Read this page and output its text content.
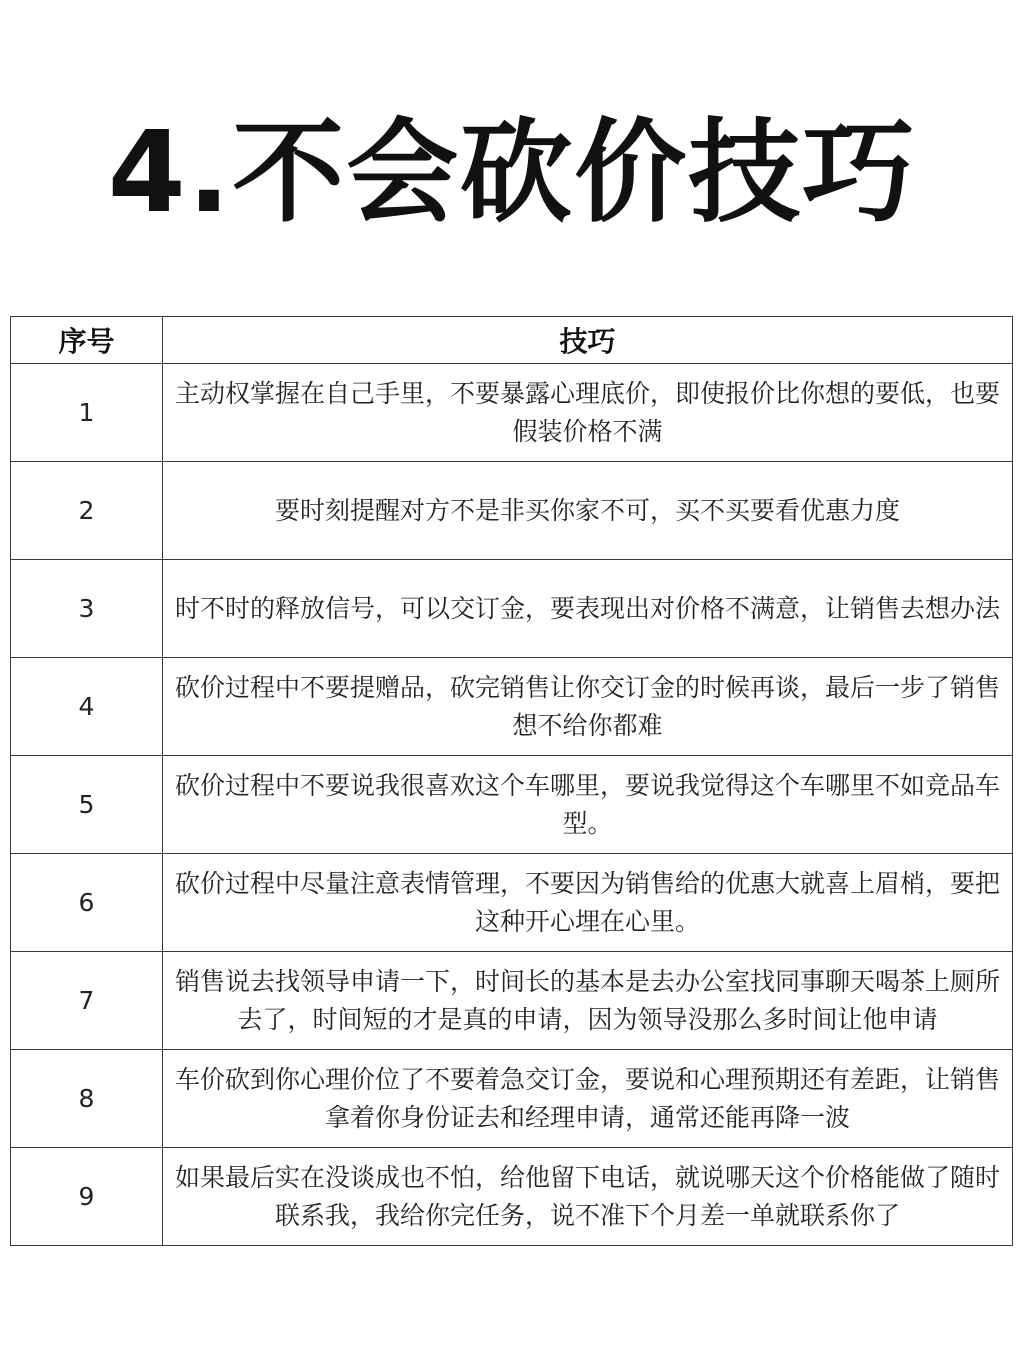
4.不会砍价技巧
序号	技巧
1	主动权掌握在自己手里，不要暴露心理底价，即使报价比你想的要低，也要假装价格不满
2	要时刻提醒对方不是非买你家不可，买不买要看优惠力度
3	时不时的释放信号，可以交订金，要表现出对价格不满意，让销售去想办法
4	砍价过程中不要提赠品，砍完销售让你交订金的时候再谈，最后一步了销售想不给你都难
5	砍价过程中不要说我很喜欢这个车哪里，要说我觉得这个车哪里不如竞品车型。
6	砍价过程中尽量注意表情管理，不要因为销售给的优惠大就喜上眉梢，要把这种开心埋在心里。
7	销售说去找领导申请一下，时间长的基本是去办公室找同事聊天喝茶上厕所去了，时间短的才是真的申请，因为领导没那么多时间让他申请
8	车价砍到你心理价位了不要着急交订金，要说和心理预期还有差距，让销售拿着你身份证去和经理申请，通常还能再降一波
9	如果最后实在没谈成也不怕，给他留下电话，就说哪天这个价格能做了随时联系我，我给你完任务，说不准下个月差一单就联系你了
